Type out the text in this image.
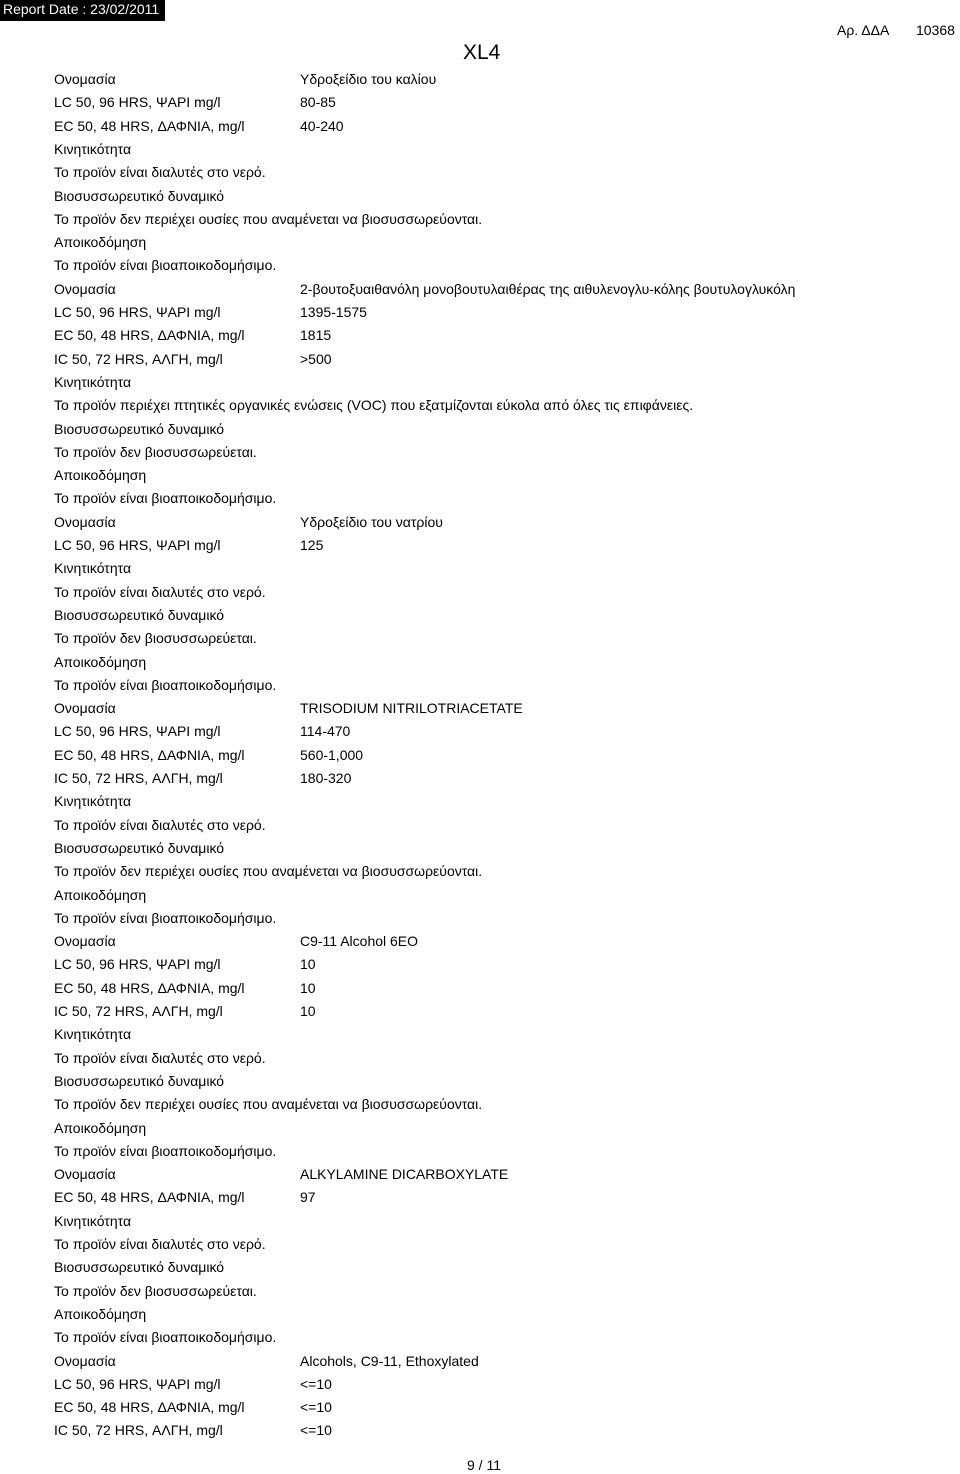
Report Date : 23/02/2011
XL4
Αρ. ΔΔΑ 10368
Ονομασία	Υδροξείδιο του καλίου
LC 50, 96 HRS, ΨΑΡΙ mg/l	80-85
EC 50, 48 HRS, ΔΑΦΝΙΑ, mg/l	40-240
Κινητικότητα
Το προϊόν είναι διαλυτές στο νερό.
Βιοσυσσωρευτικό δυναμικό
Το προϊόν δεν περιέχει ουσίες που αναμένεται να βιοσυσσωρεύονται.
Αποικοδόμηση
Το προϊόν είναι βιοαποικοδομήσιμο.
Ονομασία	2-βουτοξυαιθανόλη μονοβουτυλαιθέρας της αιθυλενογλυ-κόλης βουτυλογλυκόλη
LC 50, 96 HRS, ΨΑΡΙ mg/l	1395-1575
EC 50, 48 HRS, ΔΑΦΝΙΑ, mg/l	1815
IC 50, 72 HRS, ΑΛΓΗ, mg/l	>500
Κινητικότητα
Το προϊόν περιέχει πτητικές οργανικές ενώσεις (VOC) που εξατμίζονται εύκολα από όλες τις επιφάνειες.
Βιοσυσσωρευτικό δυναμικό
Το προϊόν δεν βιοσυσσωρεύεται.
Αποικοδόμηση
Το προϊόν είναι βιοαποικοδομήσιμο.
Ονομασία	Υδροξείδιο του νατρίου
LC 50, 96 HRS, ΨΑΡΙ mg/l	125
Κινητικότητα
Το προϊόν είναι διαλυτές στο νερό.
Βιοσυσσωρευτικό δυναμικό
Το προϊόν δεν βιοσυσσωρεύεται.
Αποικοδόμηση
Το προϊόν είναι βιοαποικοδομήσιμο.
Ονομασία	TRISODIUM NITRILOTRIACETATE
LC 50, 96 HRS, ΨΑΡΙ mg/l	114-470
EC 50, 48 HRS, ΔΑΦΝΙΑ, mg/l	560-1,000
IC 50, 72 HRS, ΑΛΓΗ, mg/l	180-320
Κινητικότητα
Το προϊόν είναι διαλυτές στο νερό.
Βιοσυσσωρευτικό δυναμικό
Το προϊόν δεν περιέχει ουσίες που αναμένεται να βιοσυσσωρεύονται.
Αποικοδόμηση
Το προϊόν είναι βιοαποικοδομήσιμο.
Ονομασία	C9-11 Alcohol 6EO
LC 50, 96 HRS, ΨΑΡΙ mg/l	10
EC 50, 48 HRS, ΔΑΦΝΙΑ, mg/l	10
IC 50, 72 HRS, ΑΛΓΗ, mg/l	10
Κινητικότητα
Το προϊόν είναι διαλυτές στο νερό.
Βιοσυσσωρευτικό δυναμικό
Το προϊόν δεν περιέχει ουσίες που αναμένεται να βιοσυσσωρεύονται.
Αποικοδόμηση
Το προϊόν είναι βιοαποικοδομήσιμο.
Ονομασία	ALKYLAMINE DICARBOXYLATE
EC 50, 48 HRS, ΔΑΦΝΙΑ, mg/l	97
Κινητικότητα
Το προϊόν είναι διαλυτές στο νερό.
Βιοσυσσωρευτικό δυναμικό
Το προϊόν δεν βιοσυσσωρεύεται.
Αποικοδόμηση
Το προϊόν είναι βιοαποικοδομήσιμο.
Ονομασία	Alcohols, C9-11, Ethoxylated
LC 50, 96 HRS, ΨΑΡΙ mg/l	<=10
EC 50, 48 HRS, ΔΑΦΝΙΑ, mg/l	<=10
IC 50, 72 HRS, ΑΛΓΗ, mg/l	<=10
9 / 11
